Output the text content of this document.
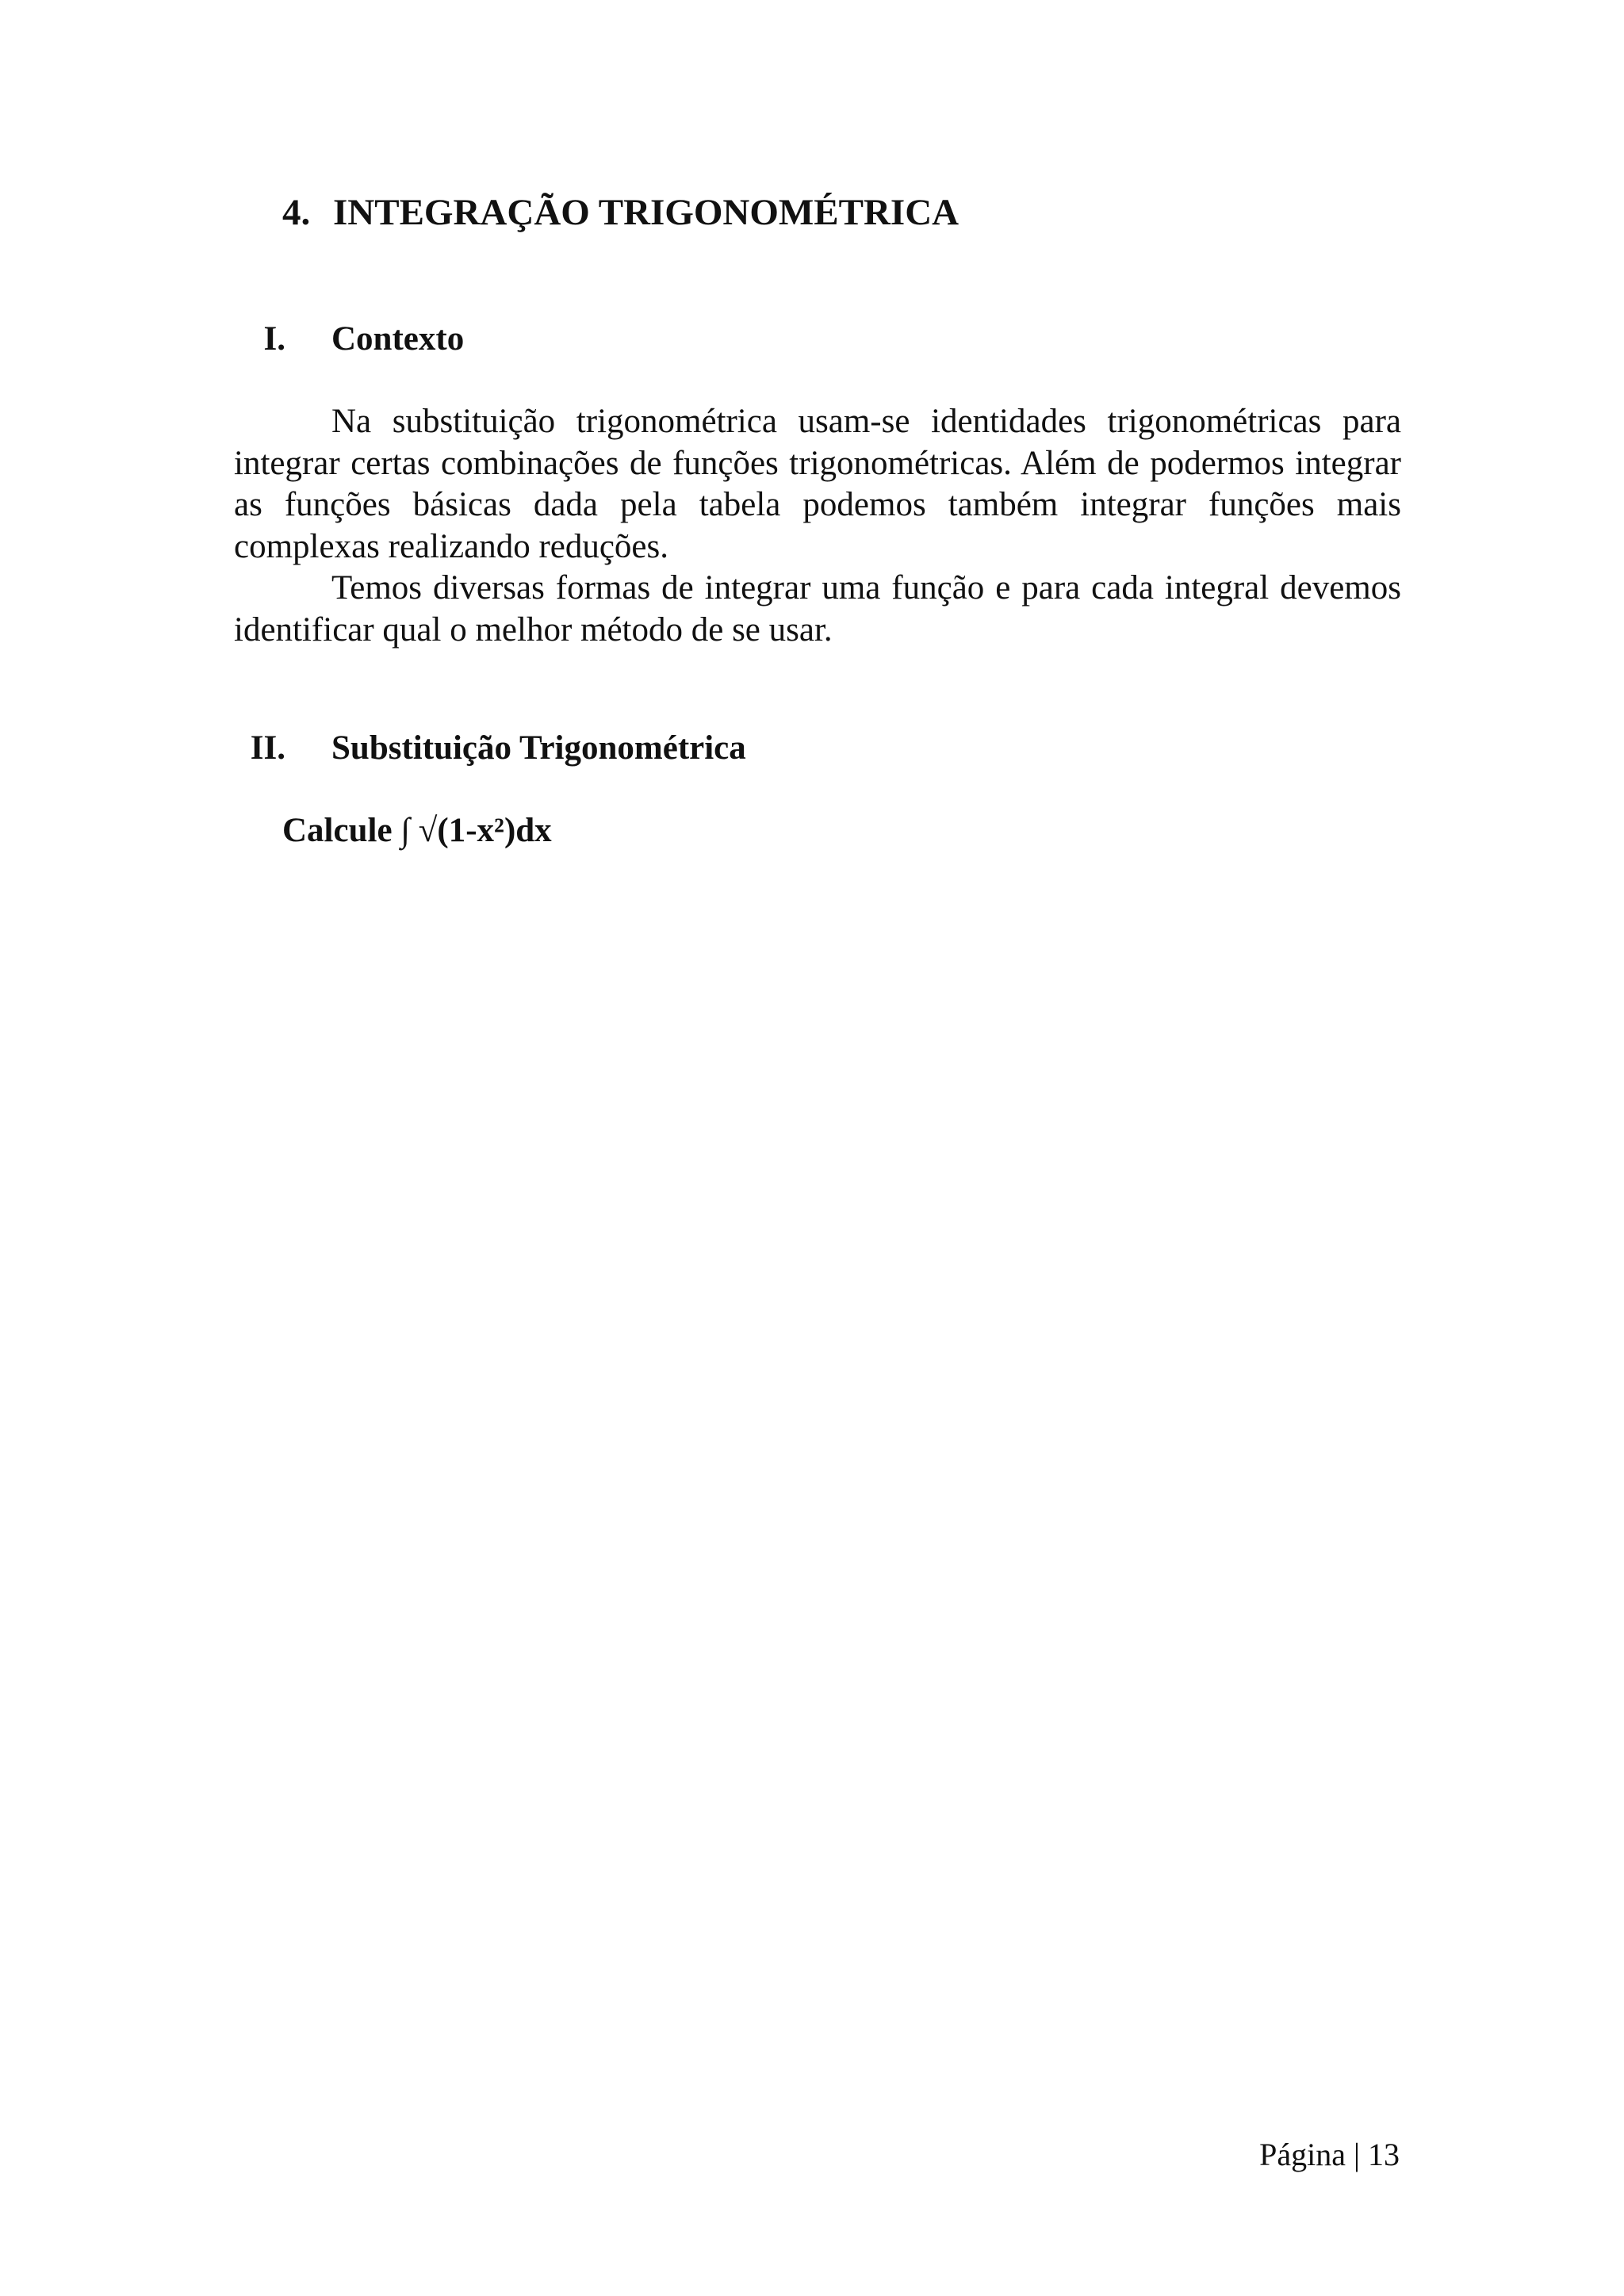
4. INTEGRAÇÃO TRIGONOMÉTRICA
I. Contexto

Na substituição trigonométrica usam-se identidades trigonométricas para integrar certas combinações de funções trigonométricas. Além de podermos integrar as funções básicas dada pela tabela podemos também integrar funções mais complexas realizando reduções.

Temos diversas formas de integrar uma função e para cada integral devemos identificar qual o melhor método de se usar.

II. Substituição Trigonométrica
Calcule ∫ √(1-x²)dx
Página | 13
